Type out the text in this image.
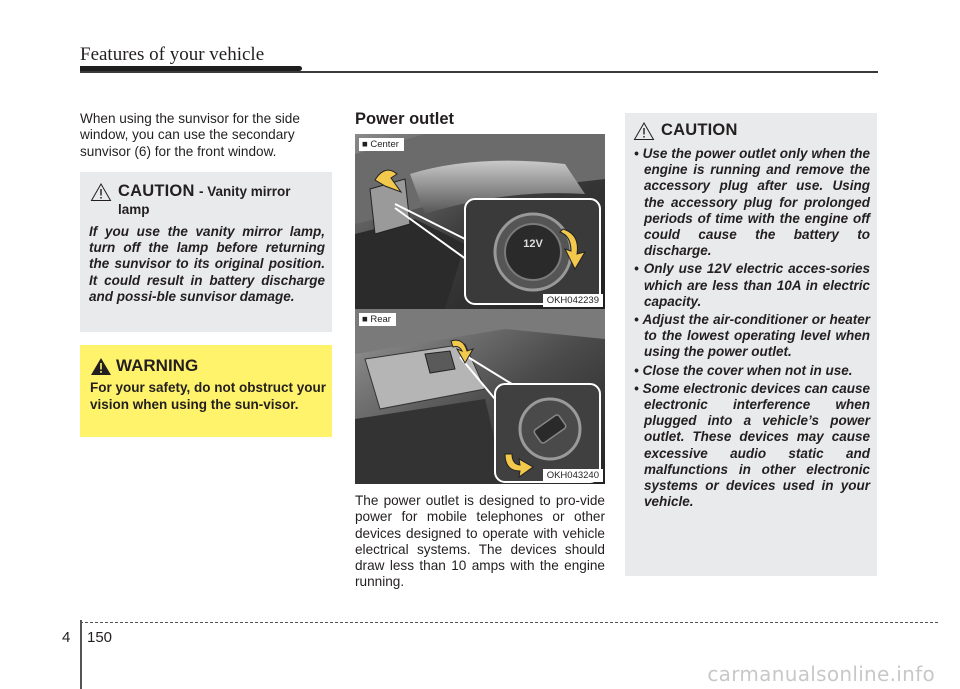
Features of your vehicle

When using the sunvisor for the side window, you can use the secondary sunvisor (6) for the front window.

CAUTION - Vanity mirror lamp
If you use the vanity mirror lamp, turn off the lamp before returning the sunvisor to its original position. It could result in battery discharge and possi-ble sunvisor damage.
WARNING
For your safety, do not obstruct your vision when using the sun-visor.
Power outlet
12V
■ Center
OKH042239
■ Rear
OKH043240

The power outlet is designed to pro-vide power for mobile telephones or other devices designed to operate with vehicle electrical systems. The devices should draw less than 10 amps with the engine running.

CAUTION
• Use the power outlet only when the engine is running and remove the accessory plug after use. Using the accessory plug for prolonged periods of time with the engine off could cause the battery to discharge.
• Only use 12V electric acces-sories which are less than 10A in electric capacity.
• Adjust the air-conditioner or heater to the lowest operating level when using the power outlet.
• Close the cover when not in use.
• Some electronic devices can cause electronic interference when plugged into a vehicle’s power outlet. These devices may cause excessive audio static and malfunctions in other electronic systems or devices used in your vehicle.
4 150
carmanualsonline.info
